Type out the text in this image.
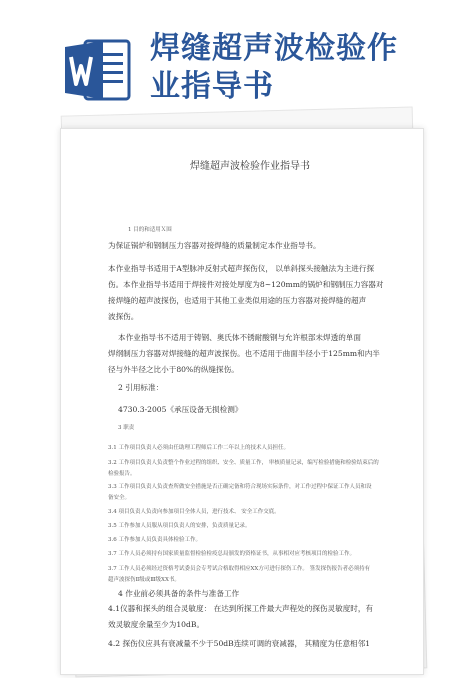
焊缝超声波检验作
业指导书
焊缝超声波检验作业指导书
1 目的和适用Ｘ围
为保证锅炉和钢制压力容器对接焊缝的质量制定本作业指导书。
本作业指导书适用于A型脉冲反射式超声探伤仪， 以单斜探头接触法为主进行探
伤。本作业指导书适用于焊接件对接处厚度为8~120mm的锅炉和钢制压力容器对
接焊缝的超声波探伤，也适用于其他工业类似用途的压力容器对接焊缝的超声
波探伤。
本作业指导书不适用于铸钢、奥氏体不锈耐酸钢与允许根部未焊透的单面
焊纲制压力容器对焊接缝的超声波探伤。也不适用于曲面半径小于125mm和内半
径与外半径之比小于80%的纵缝探伤。
2 引用标准：
4730.3-2005《承压设备无损检测》
3 职责
3.1 工作项目负责人必须由任助理工程师后工作二年以上的技术人员担任。
3.2 工作项目负责人负责整个作业过程的组织、安全、质量工作， 审核质量记录，编写检验措施和检验结束后的
检验报告。
3.3 工作项目负责人负责查所做安全措施是否正确完备和符合现场实际条件，对工作过程中保证工作人员和设
备安全。
3.4 项目负责人负责向参加项目全体人员，进行技术、 安全工作交底。
3.5 工作参加人员服从项目负责人的安排，负责质量记录。
3.6 工作参加人员负责具体检验工作。
3.7 工作人员必须持有国家质量监督检验检疫总局颁发的资格证书，从事相对应考核项目的检验工作。
3.7 工作人员必须经过资格考试委员会专考试合格取得相应XX方可进行探伤工作。 签发探伤报告者必须持有
超声波探伤Ⅱ级或Ⅲ级XX书。
4 作业前必须具备的条件与准备工作
4.1仪器和探头的组合灵敏度： 在达到所探工件最大声程处的探伤灵敏度时，有
效灵敏度余量至少为10dB。
4.2 探伤仪应具有衰减量不少于50dB连续可调的衰减器， 其精度为任意相邻1
